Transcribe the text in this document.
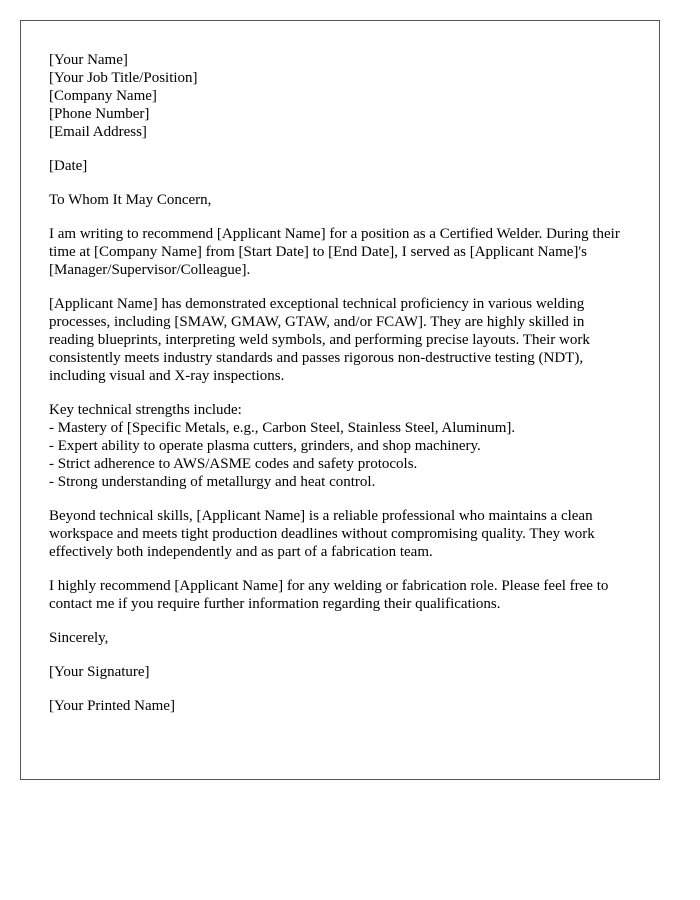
[Your Name]
[Your Job Title/Position]
[Company Name]
[Phone Number]
[Email Address]

[Date]

To Whom It May Concern,

I am writing to recommend [Applicant Name] for a position as a Certified Welder. During their time at [Company Name] from [Start Date] to [End Date], I served as [Applicant Name]'s [Manager/Supervisor/Colleague].

[Applicant Name] has demonstrated exceptional technical proficiency in various welding processes, including [SMAW, GMAW, GTAW, and/or FCAW]. They are highly skilled in reading blueprints, interpreting weld symbols, and performing precise layouts. Their work consistently meets industry standards and passes rigorous non-destructive testing (NDT), including visual and X-ray inspections.

Key technical strengths include:
- Mastery of [Specific Metals, e.g., Carbon Steel, Stainless Steel, Aluminum].
- Expert ability to operate plasma cutters, grinders, and shop machinery.
- Strict adherence to AWS/ASME codes and safety protocols.
- Strong understanding of metallurgy and heat control.

Beyond technical skills, [Applicant Name] is a reliable professional who maintains a clean workspace and meets tight production deadlines without compromising quality. They work effectively both independently and as part of a fabrication team.

I highly recommend [Applicant Name] for any welding or fabrication role. Please feel free to contact me if you require further information regarding their qualifications.

Sincerely,

[Your Signature]

[Your Printed Name]
